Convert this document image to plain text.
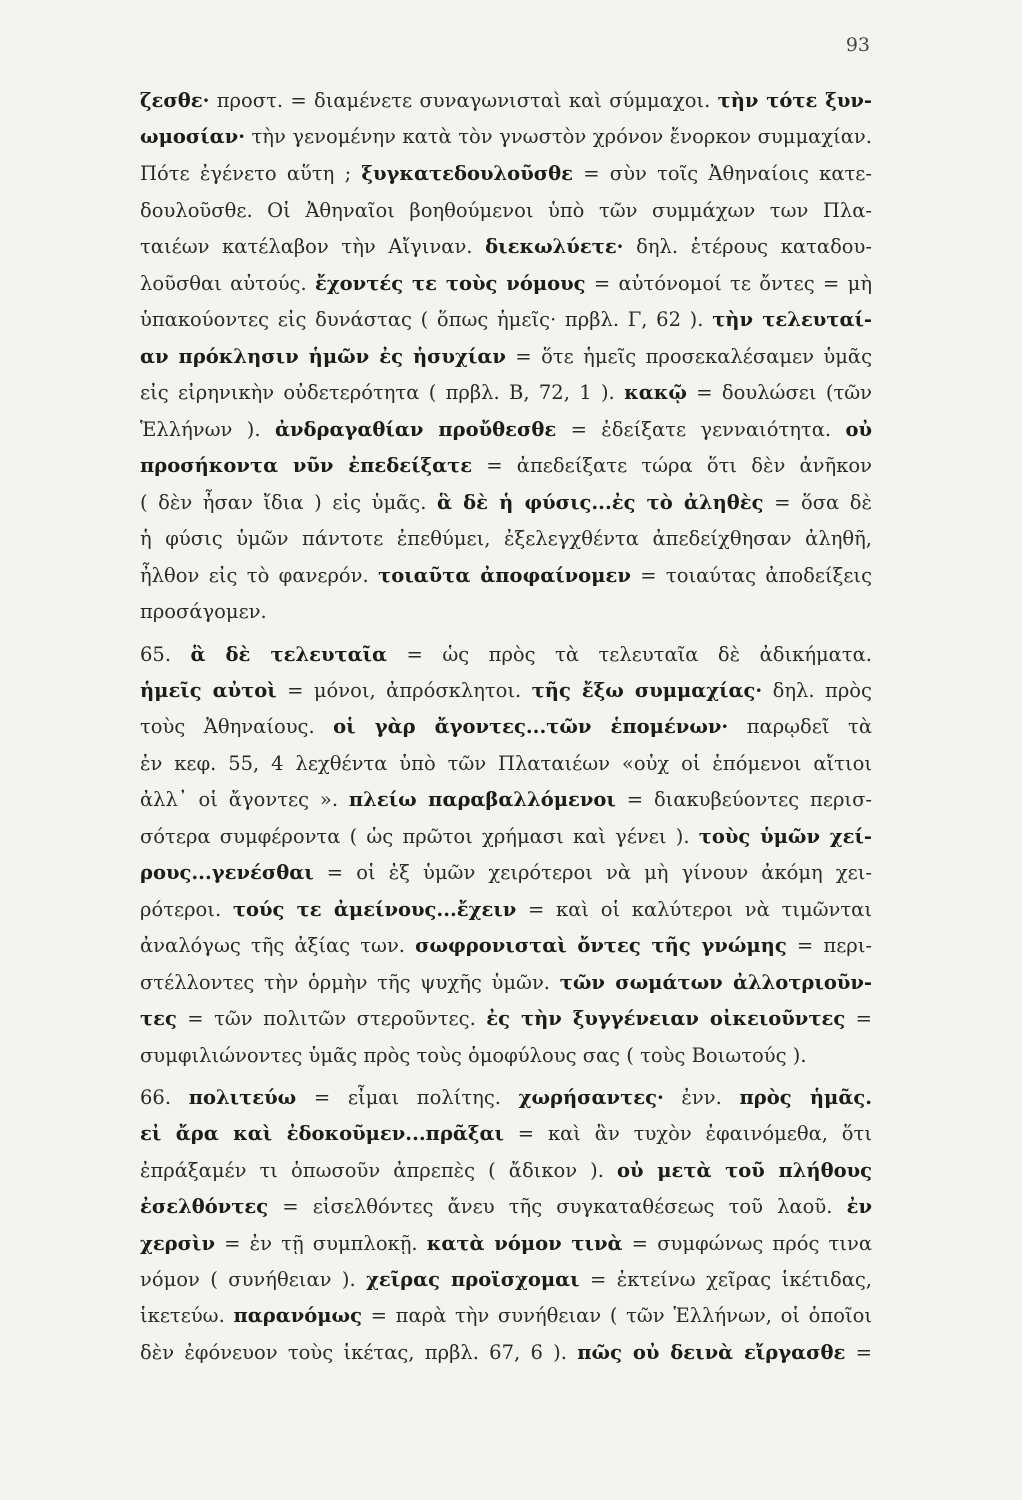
93
ζεσθε· προστ. = διαμένετε συναγωνισταὶ καὶ σύμμαχοι. τὴν τότε ξυν-
ωμοσίαν· τὴν γενομένην κατὰ τὸν γνωστὸν χρόνον ἔνορκον συμμαχίαν.
Πότε ἐγένετο αὕτη ; ξυγκατεδουλοῦσθε = σὺν τοῖς Ἀθηναίοις κατε-
δουλοῦσθε. Οἱ Ἀθηναῖοι βοηθούμενοι ὑπὸ τῶν συμμάχων των Πλα-
ταιέων κατέλαβον τὴν Αἴγιναν. διεκωλύετε· δηλ. ἑτέρους καταδου-
λοῦσθαι αὐτούς. ἔχοντές τε τοὺς νόμους = αὐτόνομοί τε ὄντες = μὴ
ὑπακούοντες εἰς δυνάστας ( ὅπως ἡμεῖς· πρβλ. Γ, 62 ). τὴν τελευταί-
αν πρόκλησιν ἡμῶν ἐς ἡσυχίαν = ὅτε ἡμεῖς προσεκαλέσαμεν ὑμᾶς
εἰς εἰρηνικὴν οὐδετερότητα ( πρβλ. Β, 72, 1 ). κακῷ = δουλώσει (τῶν
Ἑλλήνων ). ἀνδραγαθίαν προὔθεσθε = ἐδείξατε γενναιότητα. οὐ
προσήκοντα νῦν ἐπεδείξατε = ἀπεδείξατε τώρα ὅτι δὲν ἀνῆκον
( δὲν ἦσαν ἴδια ) εἰς ὑμᾶς. ἃ δὲ ἡ φύσις...ἐς τὸ ἀληθὲς = ὅσα δὲ
ἡ φύσις ὑμῶν πάντοτε ἐπεθύμει, ἐξελεγχθέντα ἀπεδείχθησαν ἀληθῆ,
ἦλθον εἰς τὸ φανερόν. τοιαῦτα ἀποφαίνομεν = τοιαύτας ἀποδείξεις
προσάγομεν.
65. ἃ δὲ τελευταῖα = ὡς πρὸς τὰ τελευταῖα δὲ ἀδικήματα.
ἡμεῖς αὐτοὶ = μόνοι, ἀπρόσκλητοι. τῆς ἔξω συμμαχίας· δηλ. πρὸς
τοὺς Ἀθηναίους. οἱ γὰρ ἄγοντες...τῶν ἑπομένων· παρῳδεῖ τὰ
ἐν κεφ. 55, 4 λεχθέντα ὑπὸ τῶν Πλαταιέων «οὐχ οἱ ἑπόμενοι αἴτιοι
ἀλλ᾽ οἱ ἄγοντες ». πλείω παραβαλλόμενοι = διακυβεύοντες περισ-
σότερα συμφέροντα ( ὡς πρῶτοι χρήμασι καὶ γένει ). τοὺς ὑμῶν χεί-
ρους...γενέσθαι = οἱ ἐξ ὑμῶν χειρότεροι νὰ μὴ γίνουν ἀκόμη χει-
ρότεροι. τούς τε ἀμείνους...ἔχειν = καὶ οἱ καλύτεροι νὰ τιμῶνται
ἀναλόγως τῆς ἀξίας των. σωφρονισταὶ ὄντες τῆς γνώμης = περι-
στέλλοντες τὴν ὁρμὴν τῆς ψυχῆς ὑμῶν. τῶν σωμάτων ἀλλοτριοῦν-
τες = τῶν πολιτῶν στεροῦντες. ἐς τὴν ξυγγένειαν οἰκειοῦντες =
συμφιλιώνοντες ὑμᾶς πρὸς τοὺς ὁμοφύλους σας ( τοὺς Βοιωτούς ).
66. πολιτεύω = εἶμαι πολίτης. χωρήσαντες· ἐνν. πρὸς ἡμᾶς.
εἰ ἄρα καὶ ἐδοκοῦμεν...πρᾶξαι = καὶ ἂν τυχὸν ἐφαινόμεθα, ὅτι
ἐπράξαμέν τι ὁπωσοῦν ἀπρεπὲς ( ἄδικον ). οὐ μετὰ τοῦ πλήθους
ἐσελθόντες = εἰσελθόντες ἄνευ τῆς συγκαταθέσεως τοῦ λαοῦ. ἐν
χερσὶν = ἐν τῇ συμπλοκῇ. κατὰ νόμον τινὰ = συμφώνως πρός τινα
νόμον ( συνήθειαν ). χεῖρας προϊσχομαι = ἐκτείνω χεῖρας ἱκέτιδας,
ἱκετεύω. παρανόμως = παρὰ τὴν συνήθειαν ( τῶν Ἑλλήνων, οἱ ὁποῖοι
δὲν ἐφόνευον τοὺς ἱκέτας, πρβλ. 67, 6 ). πῶς οὐ δεινὰ εἴργασθε =
